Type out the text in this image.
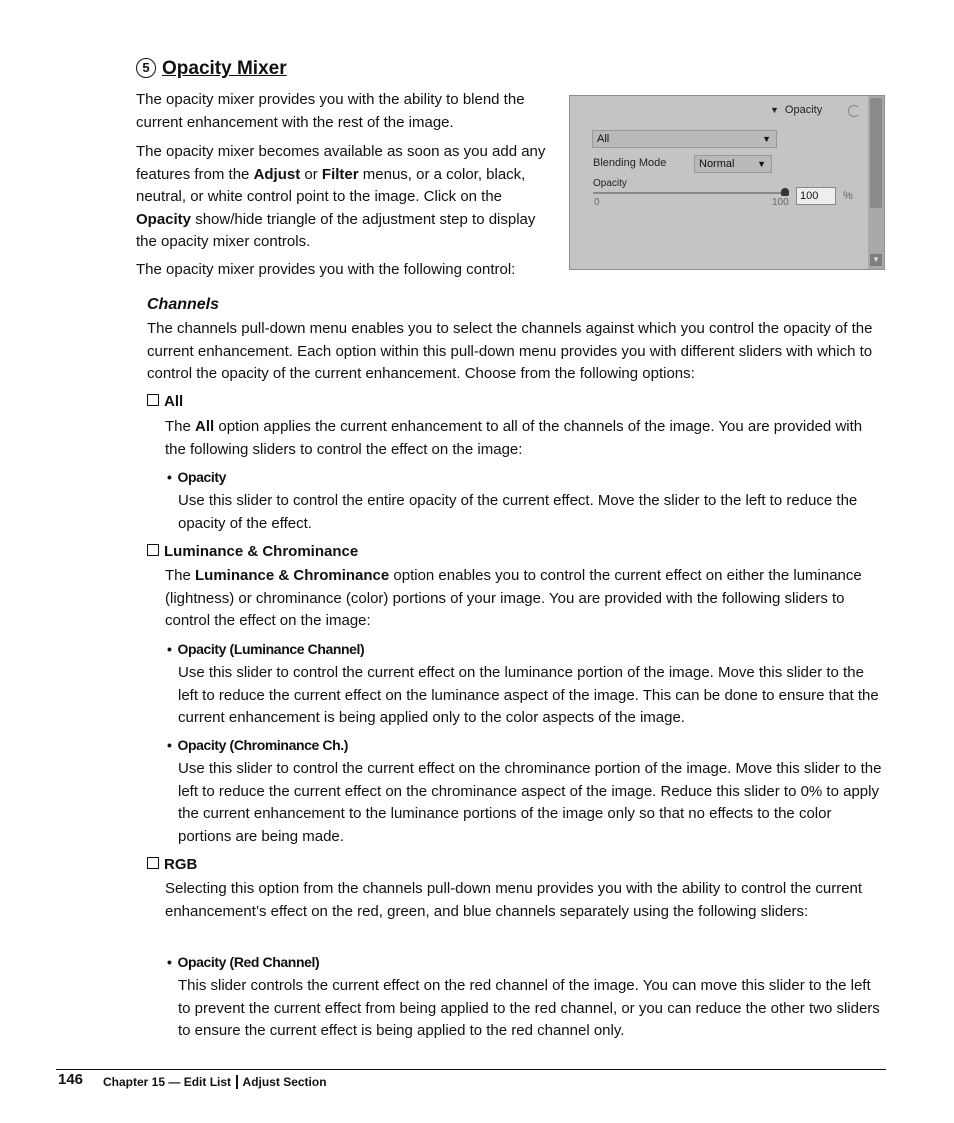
5 Opacity Mixer

The opacity mixer provides you with the ability to blend the current enhancement with the rest of the image.

The opacity mixer becomes available as soon as you add any features from the Adjust or Filter menus, or a color, black, neutral, or white control point to the image. Click on the Opacity show/hide triangle of the adjustment step to display the opacity mixer controls.

The opacity mixer provides you with the following control:

▼ Opacity
All	▼
Blending Mode	Normal	▼
Opacity
0	100
100	%
▼
Channels

The channels pull-down menu enables you to select the channels against which you control the opacity of the current enhancement. Each option within this pull-down menu provides you with different sliders with which to control the opacity of the current enhancement. Choose from the following options:

All

The All option applies the current enhancement to all of the channels of the image. You are provided with the following sliders to control the effect on the image:

• Opacity

Use this slider to control the entire opacity of the current effect. Move the slider to the left to reduce the opacity of the effect.

Luminance & Chrominance

The Luminance & Chrominance option enables you to control the current effect on either the luminance (lightness) or chrominance (color) portions of your image. You are provided with the following sliders to control the effect on the image:

• Opacity (Luminance Channel)

Use this slider to control the current effect on the luminance portion of the image. Move this slider to the left to reduce the current effect on the luminance aspect of the image. This can be done to ensure that the current enhancement is being applied only to the color aspects of the image.

• Opacity (Chrominance Ch.)

Use this slider to control the current effect on the chrominance portion of the image. Move this slider to the left to reduce the current effect on the chrominance aspect of the image. Reduce this slider to 0% to apply the current enhancement to the luminance portions of the image only so that no effects to the color portions are being made.

RGB

Selecting this option from the channels pull-down menu provides you with the ability to control the current enhancement’s effect on the red, green, and blue channels separately using the following sliders:

• Opacity (Red Channel)

This slider controls the current effect on the red channel of the image. You can move this slider to the left to prevent the current effect from being applied to the red channel, or you can reduce the other two sliders to ensure the current effect is being applied to the red channel only.

146 Chapter 15 — Edit List Adjust Section
